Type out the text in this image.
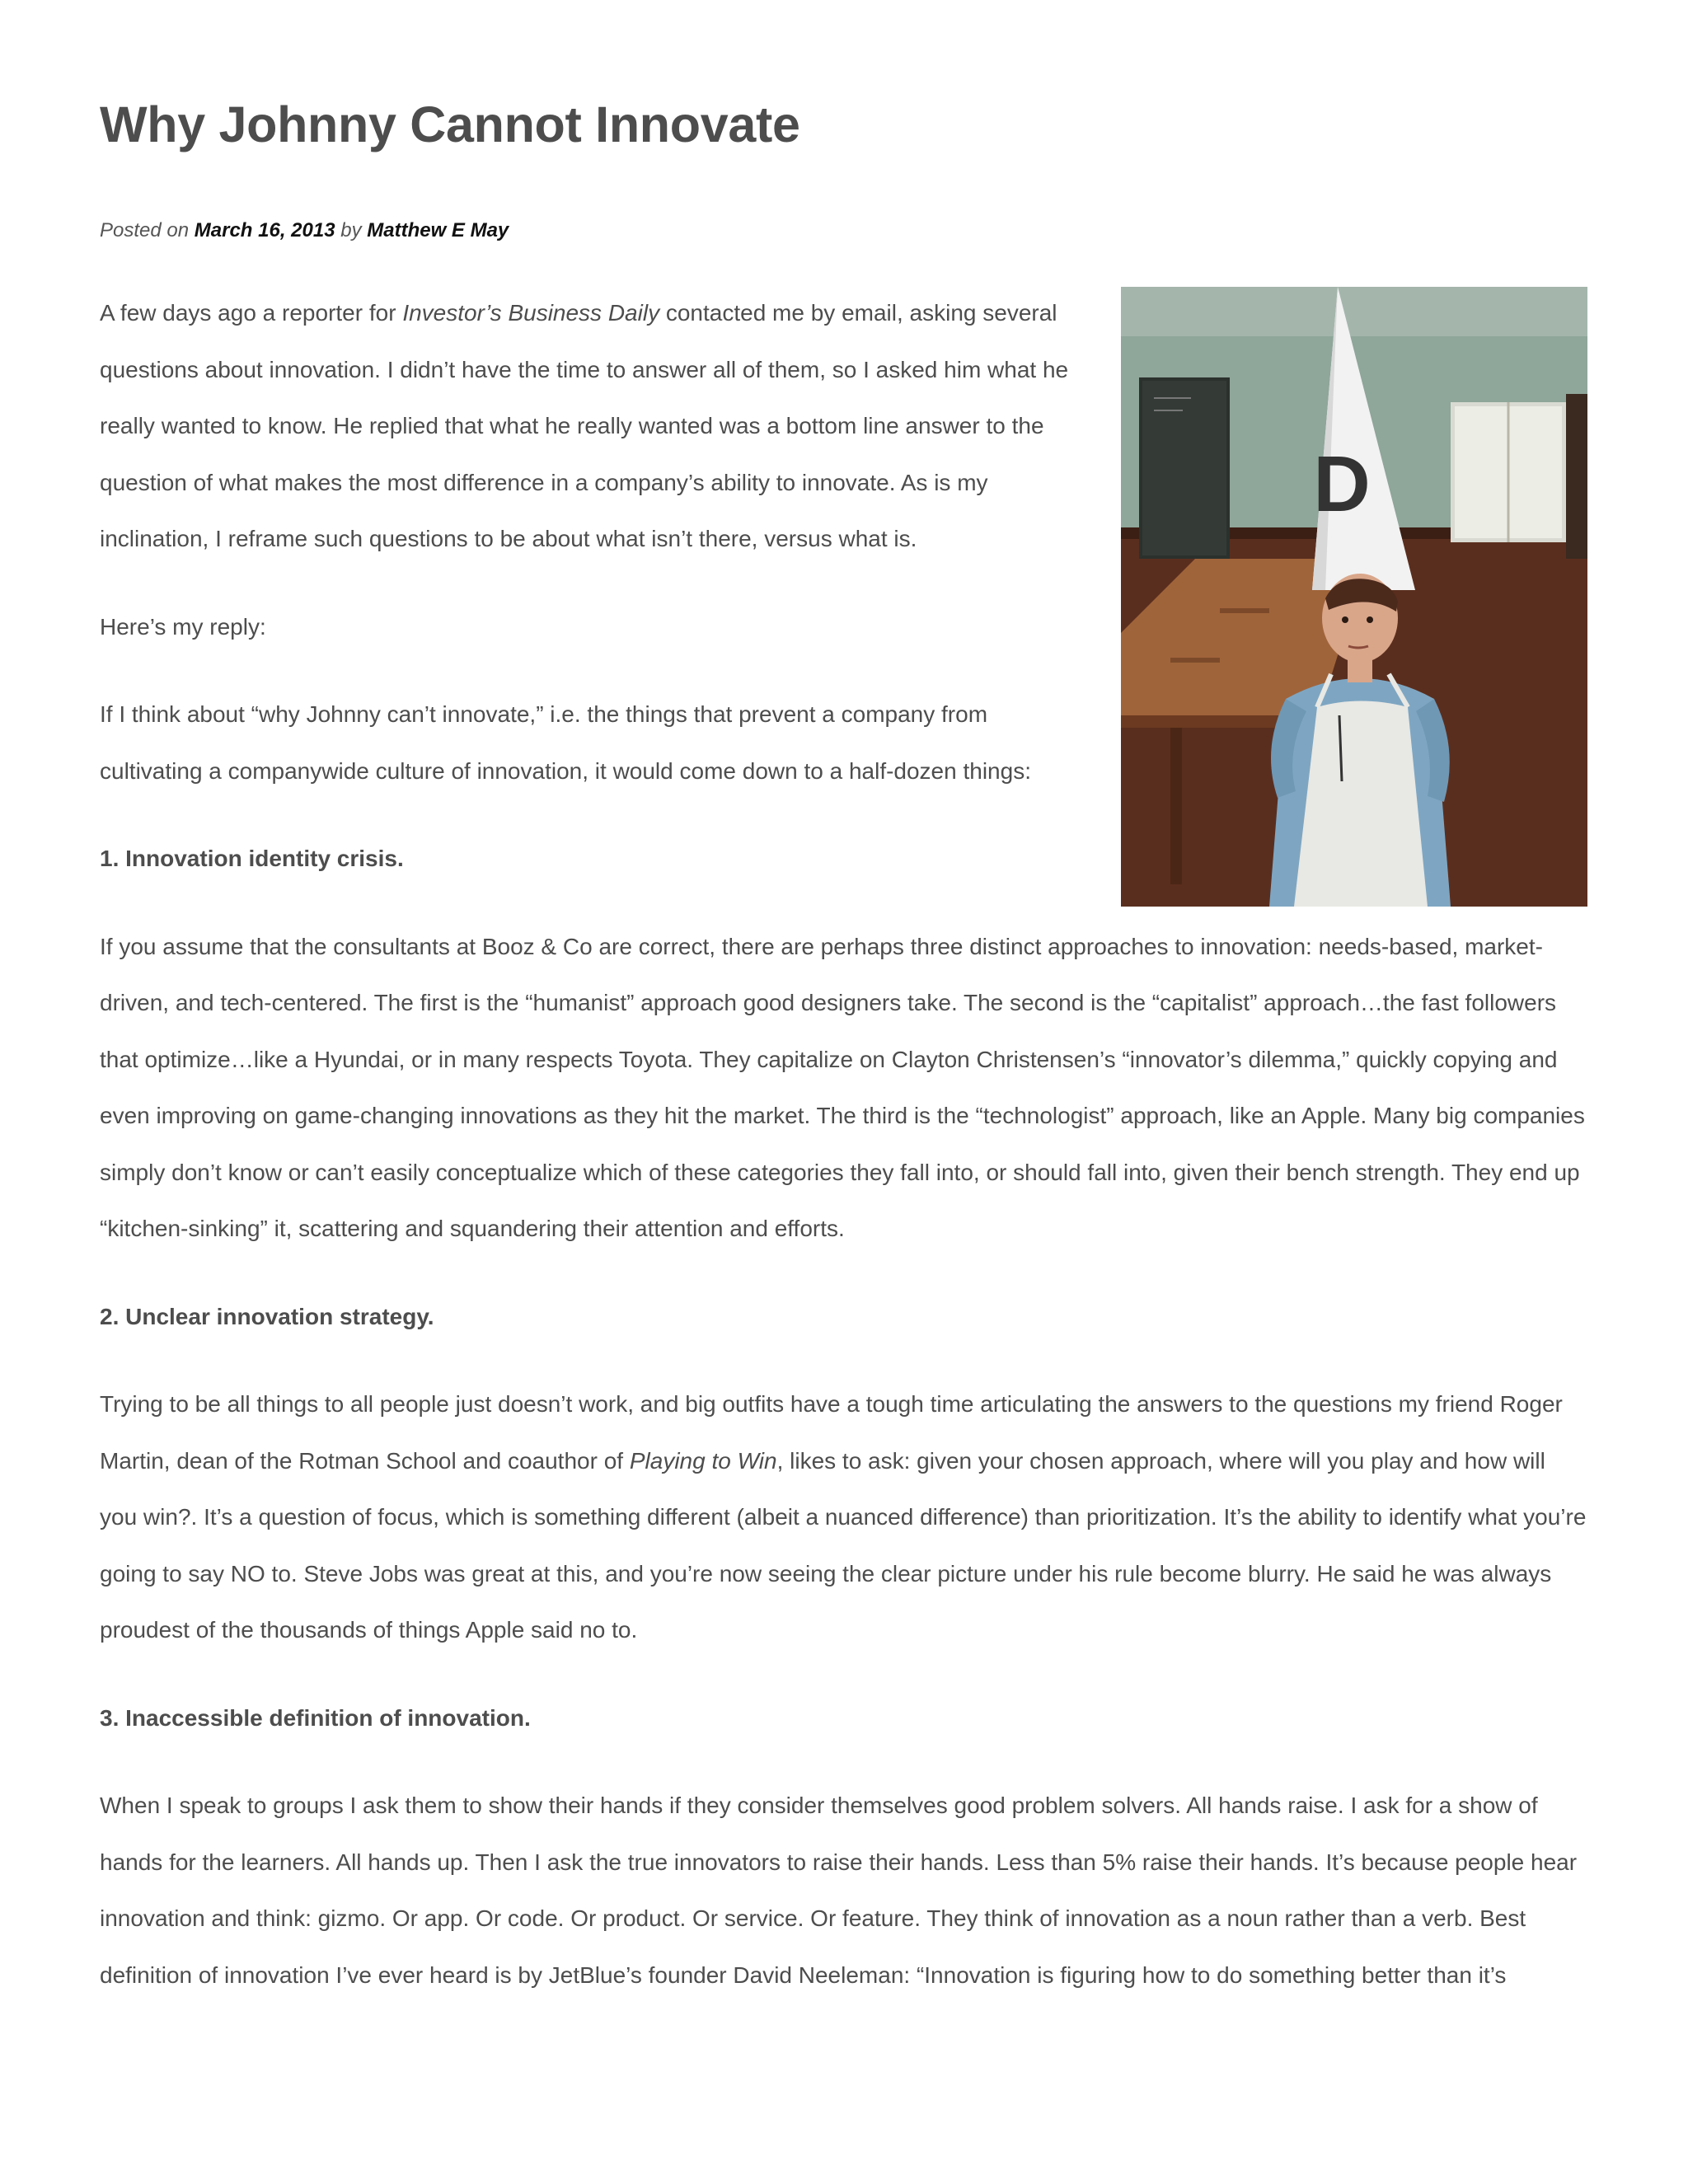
Why Johnny Cannot Innovate
Posted on March 16, 2013 by Matthew E May
D

A few days ago a reporter for Investor’s Business Daily contacted me by email, asking several questions about innovation. I didn’t have the time to answer all of them, so I asked him what he really wanted to know. He replied that what he really wanted was a bottom line answer to the question of what makes the most difference in a company’s ability to innovate. As is my inclination, I reframe such questions to be about what isn’t there, versus what is.

Here’s my reply:

If I think about “why Johnny can’t innovate,” i.e. the things that prevent a company from cultivating a companywide culture of innovation, it would come down to a half-dozen things:

1. Innovation identity crisis.

If you assume that the consultants at Booz & Co are correct, there are perhaps three distinct approaches to innovation: needs-based, market-driven, and tech-centered. The first is the “humanist” approach good designers take. The second is the “capitalist” approach…the fast followers that optimize…like a Hyundai, or in many respects Toyota. They capitalize on Clayton Christensen’s “innovator’s dilemma,” quickly copying and even improving on game-changing innovations as they hit the market. The third is the “technologist” approach, like an Apple. Many big companies simply don’t know or can’t easily conceptualize which of these categories they fall into, or should fall into, given their bench strength. They end up “kitchen-sinking” it, scattering and squandering their attention and efforts.

2. Unclear innovation strategy.

Trying to be all things to all people just doesn’t work, and big outfits have a tough time articulating the answers to the questions my friend Roger Martin, dean of the Rotman School and coauthor of Playing to Win, likes to ask: given your chosen approach, where will you play and how will you win?. It’s a question of focus, which is something different (albeit a nuanced difference) than prioritization. It’s the ability to identify what you’re going to say NO to. Steve Jobs was great at this, and you’re now seeing the clear picture under his rule become blurry. He said he was always proudest of the thousands of things Apple said no to.

3. Inaccessible definition of innovation.

When I speak to groups I ask them to show their hands if they consider themselves good problem solvers. All hands raise. I ask for a show of hands for the learners. All hands up. Then I ask the true innovators to raise their hands. Less than 5% raise their hands. It’s because people hear innovation and think: gizmo. Or app. Or code. Or product. Or service. Or feature. They think of innovation as a noun rather than a verb. Best definition of innovation I’ve ever heard is by JetBlue’s founder David Neeleman: “Innovation is figuring how to do something better than it’s
